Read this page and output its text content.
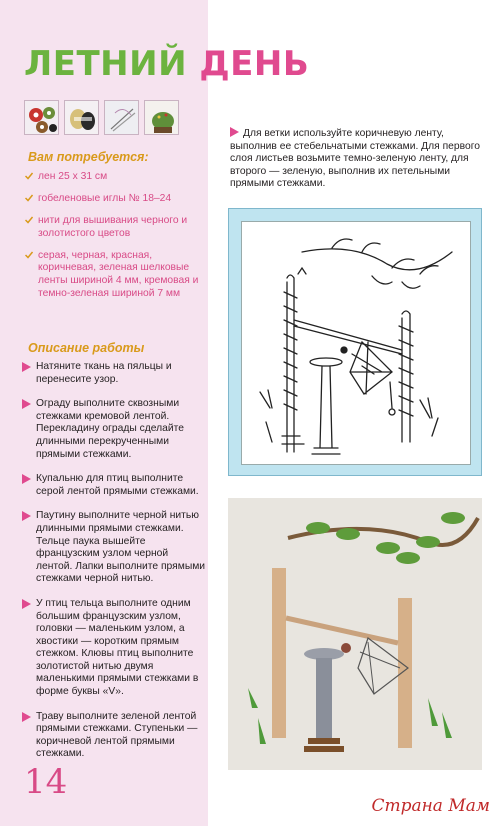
ЛЕТНИЙ ДЕНЬ
Вам потребуется:
лен 25 х 31 см
гобеленовые иглы № 18–24
нити для вышивания черного и золотистого цветов
серая, черная, красная, коричневая, зеленая шелковые ленты шириной 4 мм, кремовая и темно-зеленая шириной 7 мм
Описание работы
Натяните ткань на пяльцы и перенесите узор.
Ограду выполните сквозными стежками кремовой лентой. Перекладину ограды сделайте длинными перекрученными прямыми стежками.
Купальню для птиц выполните серой лентой прямыми стежками.
Паутину выполните черной нитью длинными прямыми стежками. Тельце паука вышейте французским узлом черной лентой. Лапки выполните прямыми стежками черной нитью.
У птиц тельца выполните одним большим французским узлом, головки — маленьким узлом, а хвостики — коротким прямым стежком. Клювы птиц выполните золотистой нитью двумя маленькими прямыми стежками в форме буквы «V».
Траву выполните зеленой лентой прямыми стежками. Ступеньки — коричневой лентой прямыми стежками.

Для ветки используйте коричневую ленту, выполнив ее стебельчатыми стежками. Для первого слоя листьев возьмите темно-зеленую ленту, для второго — зеленую, выполнив их петельными прямыми стежками.

14
Страна Мам
